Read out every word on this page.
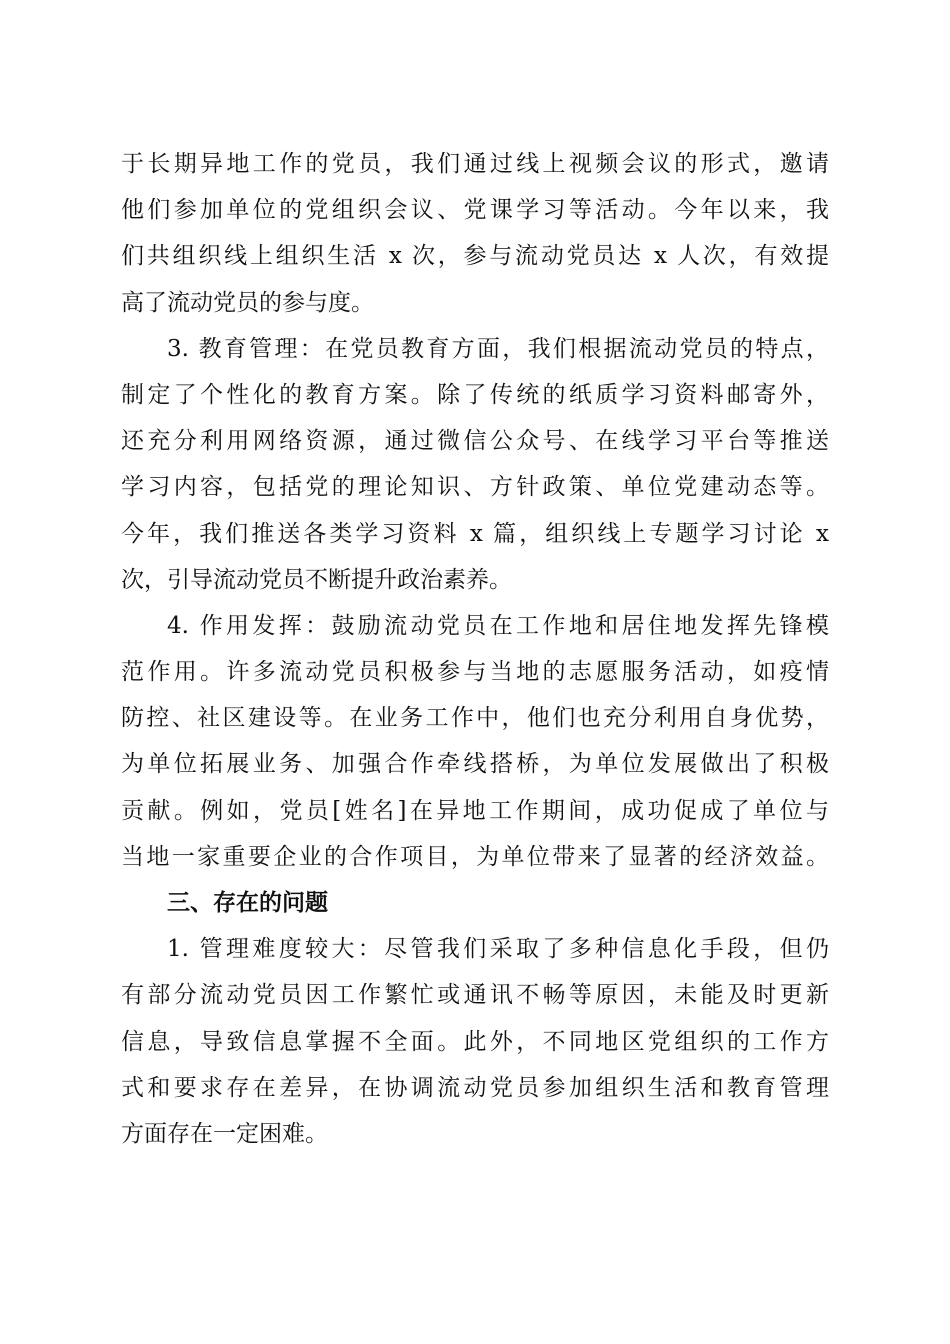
于长期异地工作的党员，我们通过线上视频会议的形式，邀请
他们参加单位的党组织会议、党课学习等活动。今年以来，我
们共组织线上组织生活 x 次，参与流动党员达 x 人次，有效提
高了流动党员的参与度。
3. 教育管理：在党员教育方面，我们根据流动党员的特点，
制定了个性化的教育方案。除了传统的纸质学习资料邮寄外，
还充分利用网络资源，通过微信公众号、在线学习平台等推送
学习内容，包括党的理论知识、方针政策、单位党建动态等。
今年，我们推送各类学习资料 x 篇，组织线上专题学习讨论 x
次，引导流动党员不断提升政治素养。
4. 作用发挥：鼓励流动党员在工作地和居住地发挥先锋模
范作用。许多流动党员积极参与当地的志愿服务活动，如疫情
防控、社区建设等。在业务工作中，他们也充分利用自身优势，
为单位拓展业务、加强合作牵线搭桥，为单位发展做出了积极
贡献。例如，党员[姓名]在异地工作期间，成功促成了单位与
当地一家重要企业的合作项目，为单位带来了显著的经济效益。
三、存在的问题
1. 管理难度较大：尽管我们采取了多种信息化手段，但仍
有部分流动党员因工作繁忙或通讯不畅等原因，未能及时更新
信息，导致信息掌握不全面。此外，不同地区党组织的工作方
式和要求存在差异，在协调流动党员参加组织生活和教育管理
方面存在一定困难。
